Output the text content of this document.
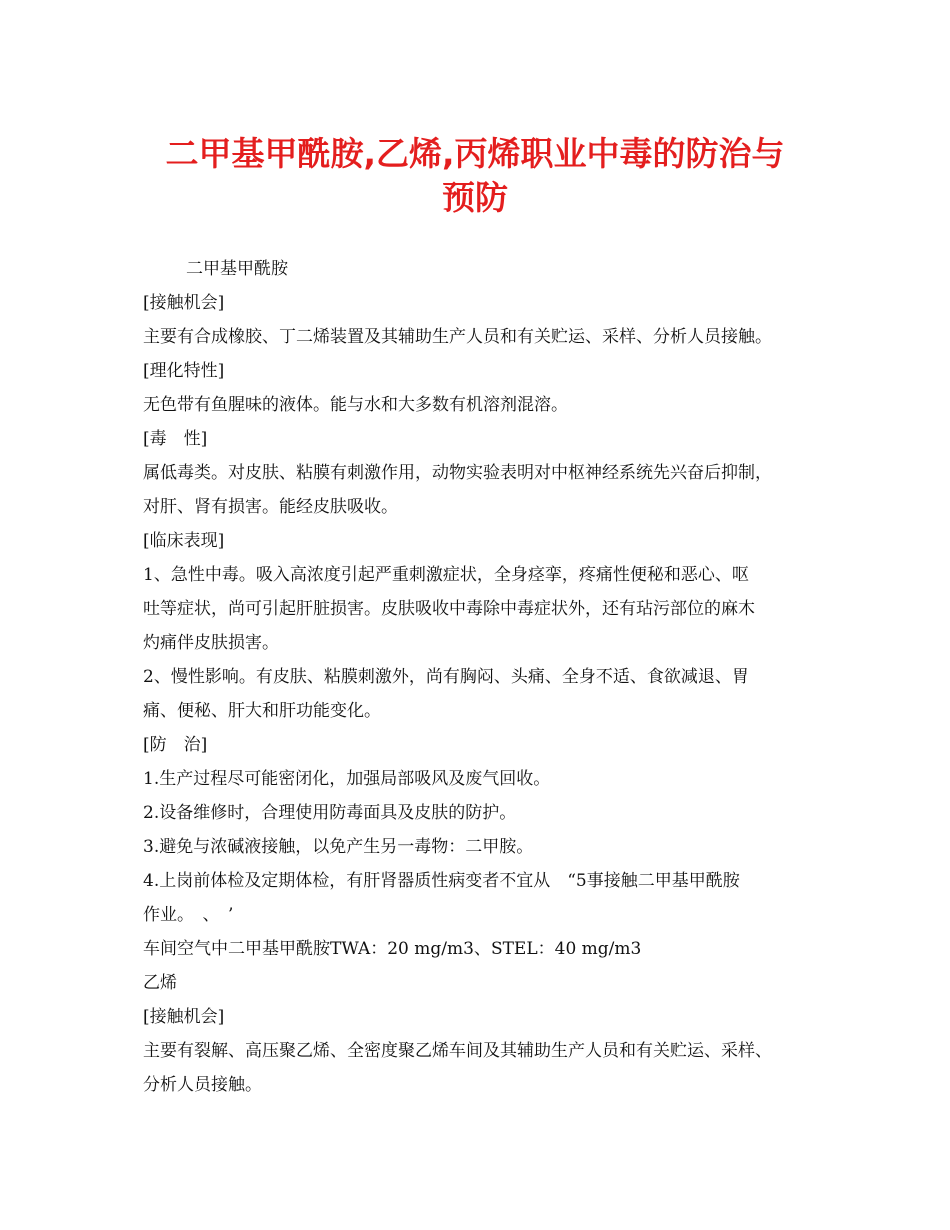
二甲基甲酰胺,乙烯,丙烯职业中毒的防治与
预防
二甲基甲酰胺
[接触机会]
主要有合成橡胶、丁二烯装置及其辅助生产人员和有关贮运、采样、分析人员接触。
[理化特性]
无色带有鱼腥味的液体。能与水和大多数有机溶剂混溶。
[毒　性]
属低毒类。对皮肤、粘膜有刺激作用，动物实验表明对中枢神经系统先兴奋后抑制，
对肝、肾有损害。能经皮肤吸收。
[临床表现]
1、急性中毒。吸入高浓度引起严重刺激症状，全身痉挛，疼痛性便秘和恶心、呕
吐等症状，尚可引起肝脏损害。皮肤吸收中毒除中毒症状外，还有玷污部位的麻木
灼痛伴皮肤损害。
2、慢性影响。有皮肤、粘膜刺激外，尚有胸闷、头痛、全身不适、食欲减退、胃
痛、便秘、肝大和肝功能变化。
[防　治]
1.生产过程尽可能密闭化，加强局部吸风及废气回收。
2.设备维修时，合理使用防毒面具及皮肤的防护。
3.避免与浓碱液接触，以免产生另一毒物：二甲胺。
4.上岗前体检及定期体检，有肝肾器质性病变者不宜从　“5事接触二甲基甲酰胺
作业。　、　’
车间空气中二甲基甲酰胺TWA：20 mg/m3、STEL：40 mg/m3
乙烯
[接触机会]
主要有裂解、高压聚乙烯、全密度聚乙烯车间及其辅助生产人员和有关贮运、采样、
分析人员接触。
